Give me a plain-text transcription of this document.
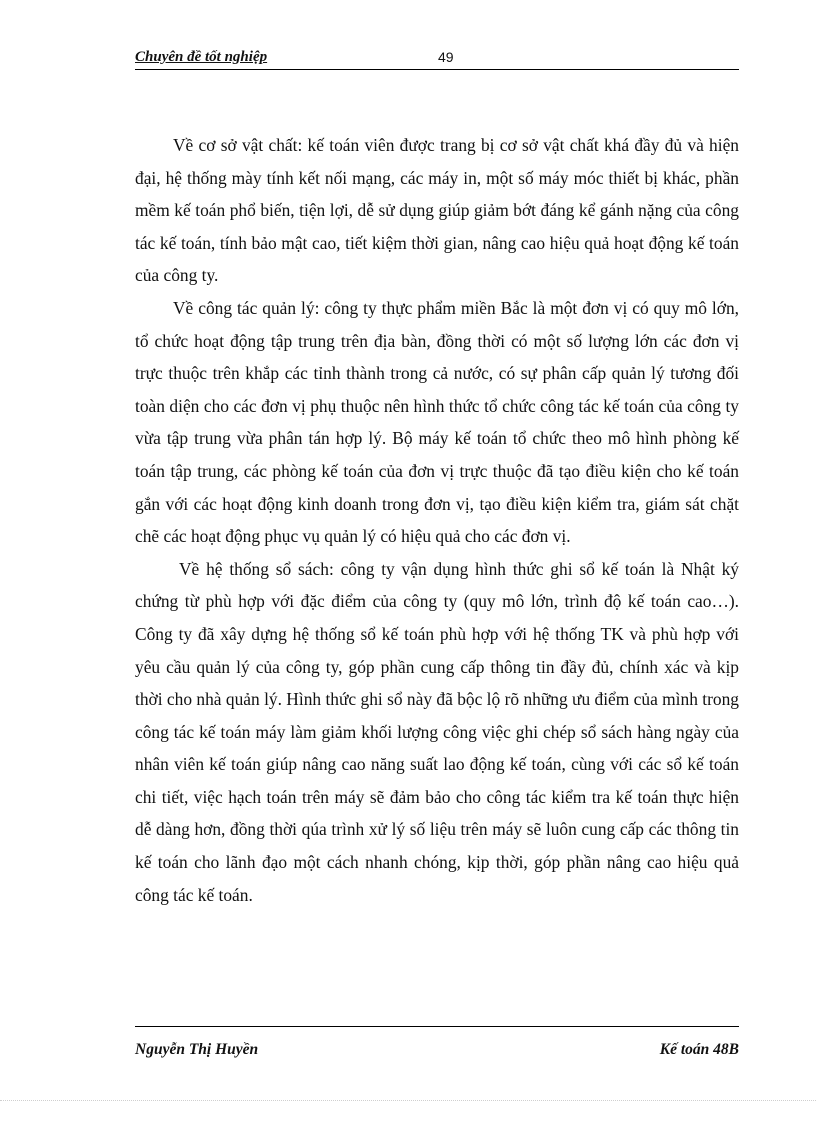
Chuyên đề tốt nghiệp	49

Về cơ sở vật chất: kế toán viên được trang bị cơ sở vật chất khá đầy đủ và hiện đại, hệ thống mày tính kết nối mạng, các máy in, một số máy móc thiết bị khác, phần mềm kế toán phổ biến, tiện lợi, dễ sử dụng giúp giảm bớt đáng kể gánh nặng của công tác kế toán, tính bảo mật cao, tiết kiệm thời gian, nâng cao hiệu quả hoạt động kế toán của công ty.

Về công tác quản lý: công ty thực phẩm miền Bắc là một đơn vị có quy mô lớn, tổ chức hoạt động tập trung trên địa bàn, đồng thời có một số lượng lớn các đơn vị trực thuộc trên khắp các tỉnh thành trong cả nước, có sự phân cấp quản lý tương đối toàn diện cho các đơn vị phụ thuộc nên hình thức tổ chức công tác kế toán của công ty vừa tập trung vừa phân tán hợp lý. Bộ máy kế toán tổ chức theo mô hình phòng kế toán tập trung, các phòng kế toán của đơn vị trực thuộc đã tạo điều kiện cho kế toán gắn với các hoạt động kinh doanh trong đơn vị, tạo điều kiện kiểm tra, giám sát chặt chẽ các hoạt động phục vụ quản lý có hiệu quả cho các đơn vị.

Về hệ thống sổ sách: công ty vận dụng hình thức ghi sổ kế toán là Nhật ký chứng từ phù hợp với đặc điểm của công ty (quy mô lớn, trình độ kế toán cao…). Công ty đã xây dựng hệ thống sổ kế toán phù hợp với hệ thống TK và phù hợp với yêu cầu quản lý của công ty, góp phần cung cấp thông tin đầy đủ, chính xác và kịp thời cho nhà quản lý. Hình thức ghi sổ này đã bộc lộ rõ những ưu điểm của mình trong công tác kế toán máy làm giảm khối lượng công việc ghi chép sổ sách hàng ngày của nhân viên kế toán giúp nâng cao năng suất lao động kế toán, cùng với các sổ kế toán chi tiết, việc hạch toán trên máy sẽ đảm bảo cho công tác kiểm tra kế toán thực hiện dễ dàng hơn, đồng thời qúa trình xử lý số liệu trên máy sẽ luôn cung cấp các thông tin kế toán cho lãnh đạo một cách nhanh chóng, kịp thời, góp phần nâng cao hiệu quả công tác kế toán.

Nguyễn Thị Huyền	Kế toán 48B
